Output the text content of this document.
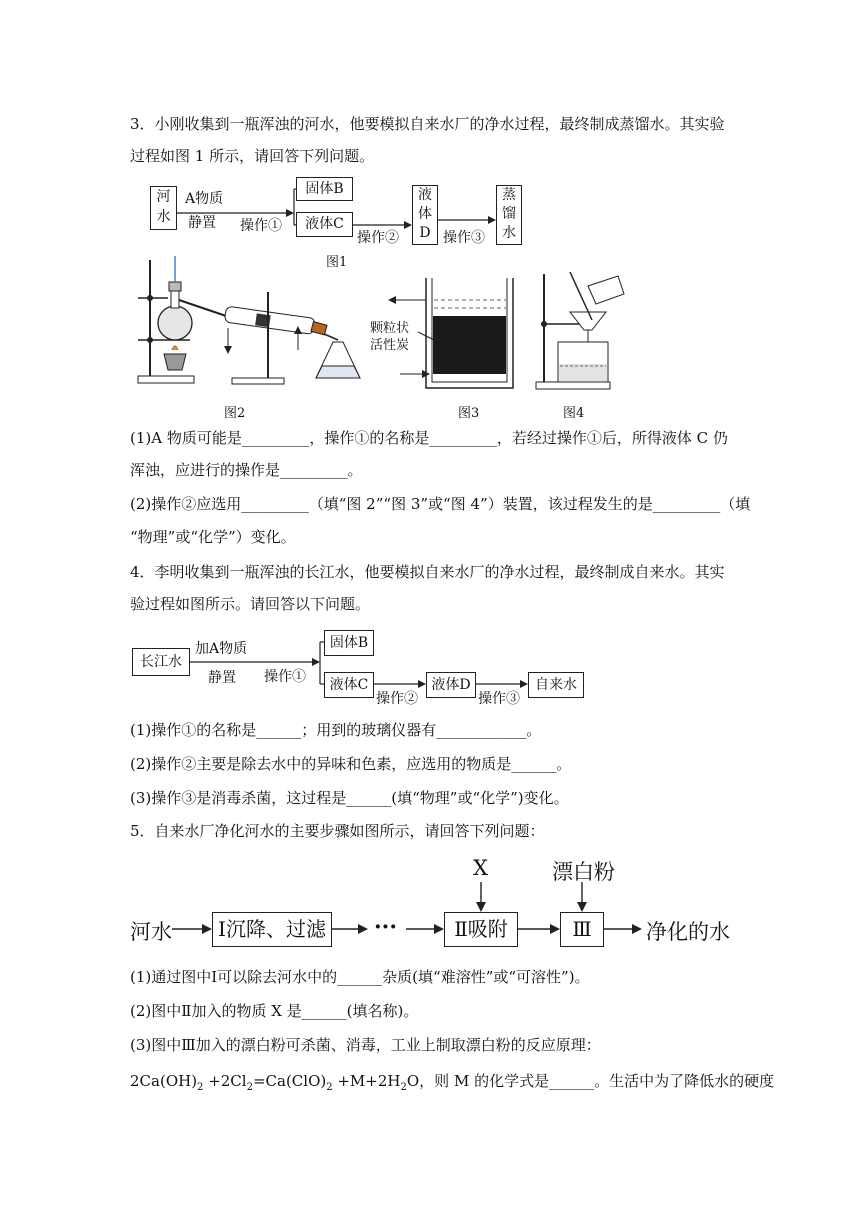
3．小刚收集到一瓶浑浊的河水，他要模拟自来水厂的净水过程，最终制成蒸馏水。其实验
过程如图 1 所示，请回答下列问题。
河
水
A物质
静置 操作①
固体B
液体C
操作②
液
体
D 操作③
蒸
馏
水
图1
图2
颗粒状
活性炭
图3	图4
(1)A 物质可能是_________，操作①的名称是_________，若经过操作①后，所得液体 C 仍
浑浊，应进行的操作是_________。
(2)操作②应选用_________（填“图 2”“图 3”或“图 4”）装置，该过程发生的是_________（填
“物理”或“化学”）变化。
4．李明收集到一瓶浑浊的长江水，他要模拟自来水厂的净水过程，最终制成自来水。其实
验过程如图所示。请回答以下问题。
长江水
加A物质
静置 操作①
固体B
液体C
操作②
液体D
操作③
自来水
(1)操作①的名称是______；用到的玻璃仪器有____________。
(2)操作②主要是除去水中的异味和色素，应选用的物质是______。
(3)操作③是消毒杀菌，这过程是______(填“物理”或“化学”)变化。
5．自来水厂净化河水的主要步骤如图所示，请回答下列问题：
河水	Ⅰ沉降、过滤 ···	Ⅱ吸附	Ⅲ	净化的水
X	漂白粉
(1)通过图中Ⅰ可以除去河水中的______杂质(填“难溶性”或“可溶性”)。
(2)图中Ⅱ加入的物质 X 是______(填名称)。
(3)图中Ⅲ加入的漂白粉可杀菌、消毒，工业上制取漂白粉的反应原理：
$2Ca(OH)_2 +2Cl_2=Ca(ClO)_2 +M+2H_2O$，则 M 的化学式是______。生活中为了降低水的硬度
